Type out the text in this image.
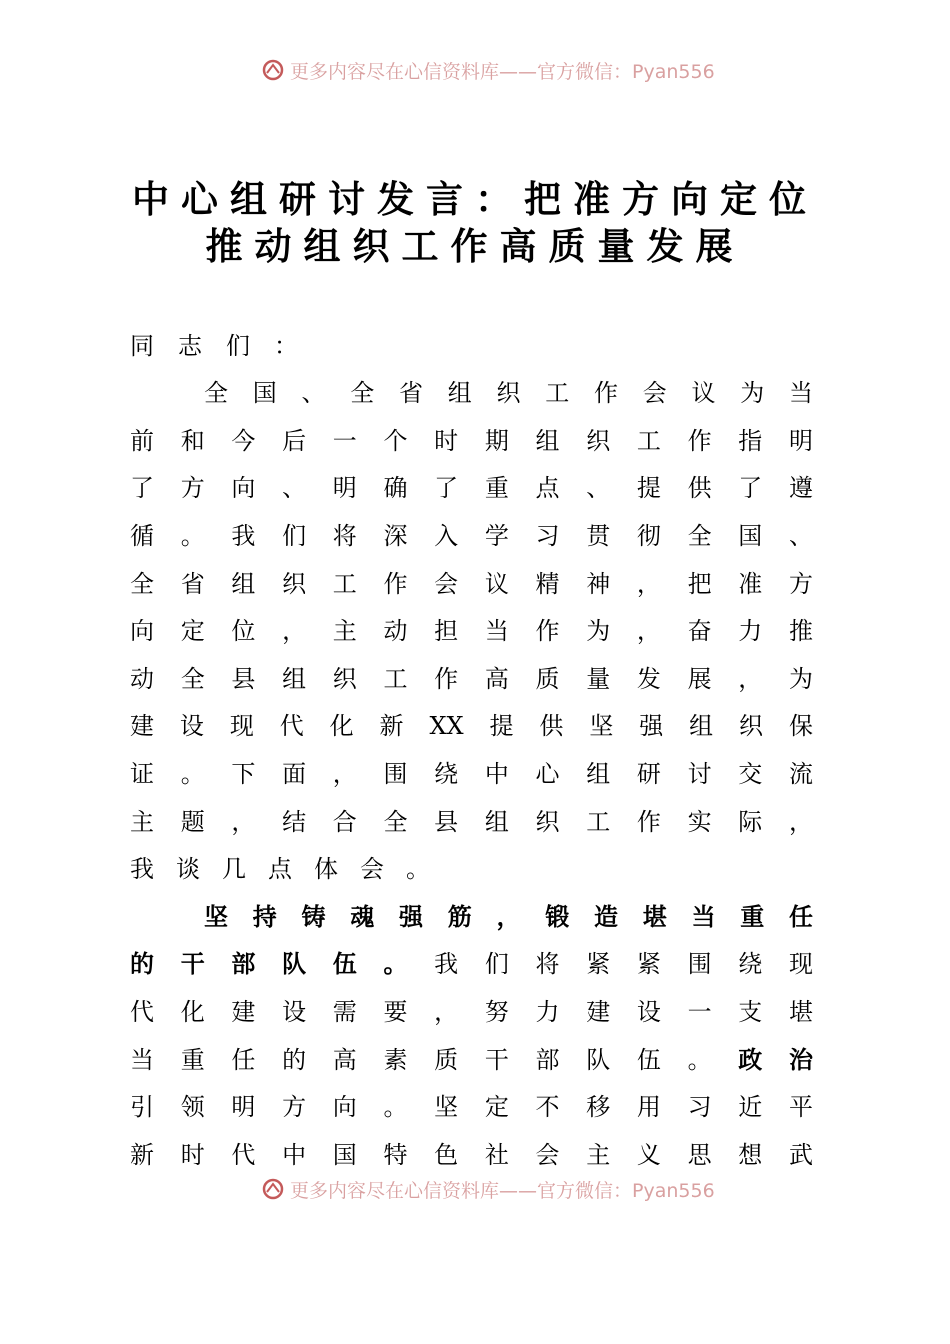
更多内容尽在心信资料库——官方微信：Pyan556
中心组研讨发言：把准方向定位
推动组织工作高质量发展
同 志 们 ：
全 国 、 全 省 组 织 工 作 会 议 为 当
前 和 今 后 一 个 时 期 组 织 工 作 指 明
了 方 向 、 明 确 了 重 点 、 提 供 了 遵
循 。 我 们 将 深 入 学 习 贯 彻 全 国 、
全 省 组 织 工 作 会 议 精 神 ， 把 准 方
向 定 位 ， 主 动 担 当 作 为 ， 奋 力 推
动 全 县 组 织 工 作 高 质 量 发 展 ， 为
建 设 现 代 化 新 XX 提 供 坚 强 组 织 保
证 。 下 面 ， 围 绕 中 心 组 研 讨 交 流
主 题 ， 结 合 全 县 组 织 工 作 实 际 ，
我 谈 几 点 体 会 。
坚 持 铸 魂 强 筋 ， 锻 造 堪 当 重 任
的 干 部 队 伍 。 我 们 将 紧 紧 围 绕 现
代 化 建 设 需 要 ， 努 力 建 设 一 支 堪
当 重 任 的 高 素 质 干 部 队 伍 。 政 治
引 领 明 方 向 。 坚 定 不 移 用 习 近 平
新 时 代 中 国 特 色 社 会 主 义 思 想 武
更多内容尽在心信资料库——官方微信：Pyan556
